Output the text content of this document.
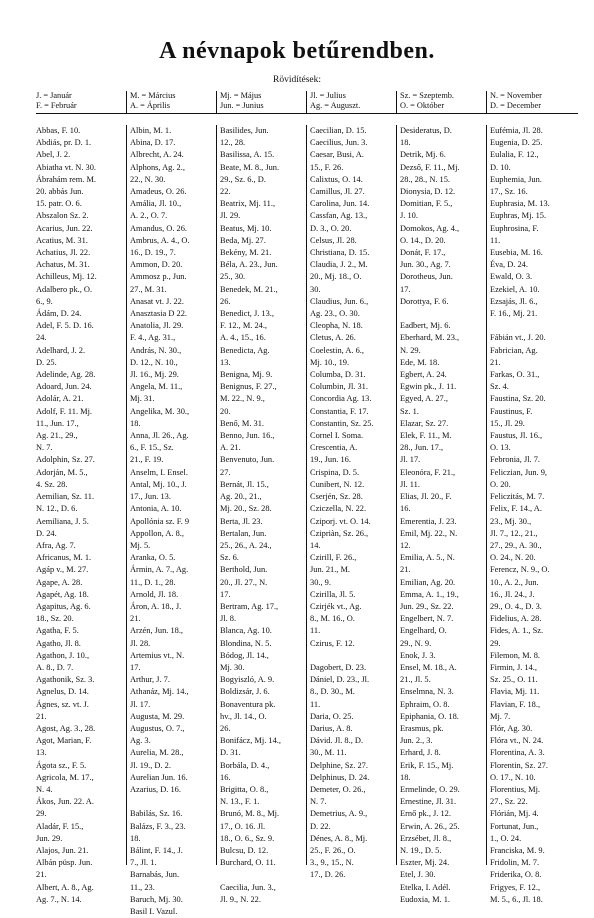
A névnapok betűrendben.
Rövidítések:
J. = Január
F. = Február
M. = Március
A. = Április
Mj. = Május
Jun. = Junius
Jl. = Julius
Ag. = Auguszt.
Sz. = Szeptemb.
O. = Október
N. = November
D. = December
Abbas, F. 10.
Abdiás, pr. D. 1.
Abel, J. 2.
Abiatha vt. N. 30.
Ábrahám rem. M.
20. abbás Jun.
15. patr. O. 6.
Abszalon Sz. 2.
Acarius, Jun. 22.
Acatius, M. 31.
Achatius, Jl. 22.
Achatus, M. 31.
Achilleus, Mj. 12.
Adalbero pk., O.
6., 9.
Ádám, D. 24.
Adel, F. 5. D. 16.
24.
Adelhard, J. 2.
D. 25.
Adelinde, Ag. 28.
Adoard, Jun. 24.
Adolár, A. 21.
Adolf, F. 11. Mj.
11., Jun. 17.,
Ag. 21., 29.,
N. 7.
Adolphin, Sz. 27.
Adorján, M. 5.,
4. Sz. 28.
Aemilian, Sz. 11.
N. 12., D. 6.
Aemiliana, J. 5.
D. 24.
Afra, Ag. 7.
Africanus, M. 1.
Agáp v., M. 27.
Agape, A. 28.
Agapét, Ag. 18.
Agapitus, Ag. 6.
18., Sz. 20.
Agatha, F. 5.
Agatho, Jl. 8.
Agathon, J. 10.,
A. 8., D. 7.
Agathonik, Sz. 3.
Agnelus, D. 14.
Ágnes, sz. vt. J.
21.
Agost, Ag. 3., 28.
Agot, Marian, F.
13.
Ágota sz., F. 5.
Agricola, M. 17.,
N. 4.
Ákos, Jun. 22. A.
29.
Aladár, F. 15.,
Jun. 29.
Alajos, Jun. 21.
Albán püsp. Jun.
21.
Albert, A. 8., Ag.
Ag. 7., N. 14.
Albin, M. 1.
Abina, D. 17.
Albrecht, A. 24.
Alphons, Ag. 2.,
22., N. 30.
Amadeus, O. 26.
Amália, Jl. 10.,
A. 2., O. 7.
Amandus, O. 26.
Ambrus, A. 4., O.
16., D. 19., 7.
Ammon, D. 20.
Ammosz p., Jun.
27., M. 31.
Anasat vt. J. 22.
Anasztasia D 22.
Anatolia, Jl. 29.
F. 4., Ag. 31.,
András, N. 30.,
D. 12., N. 10.,
Jl. 16., Mj. 29.
Angela, M. 11.,
Mj. 31.
Angelika, M. 30.,
18.
Anna, Jl. 26., Ag.
6., F. 15., Sz.
21., F. 19.
Anselm, I. Ensel.
Antal, Mj. 10., J.
17., Jun. 13.
Antonia, A. 10.
Apollónia sz. F. 9
Appollon, A. 8.,
Mj. 5.
Aranka, O. 5.
Ármin, A. 7., Ag.
11., D. 1., 28.
Arnold, Jl. 18.
Áron, A. 18., J.
21.
Arzén, Jun. 18.,
Jl. 28.
Artemius vt., N.
17.
Arthur, J. 7.
Athanáz, Mj. 14.,
Jl. 17.
Augusta, M. 29.
Augustus, O. 7.,
Ag. 3.
Aurelia, M. 28.,
Jl. 19., D. 2.
Aurelian Jun. 16.
Azarius, D. 16.

Babilás, Sz. 16.
Balázs, F. 3., 23.
18.
Bálint, F. 14., J.
7., Jl. 1.
Barnabás, Jun.
11., 23.
Baruch, Mj. 30.
Basil I. Vazul.
Basilides, Jun.
12., 28.
Basilissa, A. 15.
Beate, M. 8., Jun.
29., Sz. 6., D.
22.
Beatrix, Mj. 11.,
Jl. 29.
Beatus, Mj. 10.
Beda, Mj. 27.
Bekény, M. 21.
Béla, A. 23., Jun.
25., 30.
Benedek, M. 21.,
26.
Benedict, J. 13.,
F. 12., M. 24.,
A. 4., 15., 16.
Benedicta, Ag.
13.
Benigna, Mj. 9.
Benignus, F. 27.,
M. 22., N. 9.,
20.
Benő, M. 31.
Benno, Jun. 16.,
A. 21.
Benvenuto, Jun.
27.
Bernát, Jl. 15.,
Ag. 20., 21.,
Mj. 20., Sz. 28.
Berta, Jl. 23.
Bertalan, Jun.
25., 26., A. 24.,
Sz. 6.
Berthold, Jun.
20., Jl. 27., N.
17.
Bertram, Ag. 17.,
Jl. 8.
Blanca, Ag. 10.
Blondina, N. 5.
Bódog, Jl. 14.,
Mj. 30.
Bogyiszló, A. 9.
Boldizsár, J. 6.
Bonaventura pk.
hv., Jl. 14., O.
26.
Bonifácz, Mj. 14.,
D. 31.
Borbála, D. 4.,
16.
Brigitta, O. 8.,
N. 13., F. 1.
Brunó, M. 8., Mj.
17., O. 16. Jl.
18., O. 6., Sz. 9.
Bulcsu, D. 12.
Burchard, O. 11.

Caecilia, Jun. 3.,
Jl. 9., N. 22.
Caecilian, D. 15.
Caecilius, Jun. 3.
Caesar, Busi, A.
15., F. 26.
Calixtus, O. 14.
Camillus, Jl. 27.
Carolina, Jun. 14.
Cassfan, Ag. 13.,
D. 3., O. 20.
Celsus, Jl. 28.
Christiana, D. 15.
Claudia, J. 2., M.
20., Mj. 18., O.
30.
Claudius, Jun. 6.,
Ag. 23., O. 30.
Cleopha, N. 18.
Cletus, A. 26.
Coelestin, A. 6.,
Mj. 10., 19.
Columba, D. 31.
Columbin, Jl. 31.
Concordia Ag. 13.
Constantia, F. 17.
Constantin, Sz. 25.
Cornel I. Soma.
Crescentia, A.
19., Jun. 16.
Crispina, D. 5.
Cunibert, N. 12.
Cserjén, Sz. 28.
Cziczella, N. 22.
Cziporj. vt. O. 14.
Czipriàn, Sz. 26.,
14.
Czirill, F. 26.,
Jun. 21., M.
30., 9.
Czirilla, Jl. 5.
Czirjék vt., Ag.
8., M. 16., O.
11.
Czirus, F. 12.

Dagobert, D. 23.
Dániel, D. 23., Jl.
8., D. 30., M.
11.
Daria, O. 25.
Darius, A. 8.
Dávid. Jl. 8., D.
30., M. 11.
Delphine, Sz. 27.
Delphinus, D. 24.
Demeter, O. 26.,
N. 7.
Demetrius, A. 9.,
D. 22.
Dénes, A. 8., Mj.
25., F. 26., O.
3., 9., 15., N.
17., D. 26.
Desideratus, D.
18.
Detrik, Mj. 6.
Dezső, F. 11., Mj.
28., 28., N. 15.
Dionysia, D. 12.
Domitian, F. 5.,
J. 10.
Domokos, Ag. 4.,
O. 14., D. 20.
Donát, F. 17.,
Jun. 30., Ag. 7.
Dorotheus, Jun.
17.
Dorottya, F. 6.

Eadbert, Mj. 6.
Eberhard, M. 23.,
N. 29.
Ede, M. 18.
Egbert, A. 24.
Egwin pk., J. 11.
Egyed, A. 27.,
Sz. 1.
Elazar, Sz. 27.
Elek, F. 11., M.
28., Jun. 17.,
Jl. 17.
Eleonóra, F. 21.,
Jl. 11.
Elias, Jl. 20., F.
16.
Emerentia, J. 23.
Emil, Mj. 22., N.
12.
Emilia, A. 5., N.
21.
Emilian, Ag. 20.
Emma, A. 1., 19.,
Jun. 29., Sz. 22.
Engelbert, N. 7.
Engelhard, O.
29., N. 9.
Enok, J. 3.
Ensel, M. 18., A.
21., Jl. 5.
Enselmna, N. 3.
Ephraim, O. 8.
Epiphania, O. 18.
Erasmus, pk.
Jun. 2., 3.
Erhard, J. 8.
Erik, F. 15., Mj.
18.
Ermelinde, O. 29.
Ernestine, Jl. 31.
Ernő pk., J. 12.
Erwin, A. 26., 25.
Erzsébet, Jl. 8.,
N. 19., D. 5.
Eszter, Mj. 24.
Etel, J. 30.
Etelka, I. Adél.
Eudoxia, M. 1.
Eufémia, Jl. 28.
Eugenia, D. 25.
Eulalia, F. 12.,
D. 10.
Euphemia, Jun.
17., Sz. 16.
Euphrasia, M. 13.
Euphras, Mj. 15.
Euphrosina, F.
11.
Eusebia, M. 16.
Éva, D. 24.
Ewald, O. 3.
Ezekiel, A. 10.
Ezsajás, Jl. 6.,
F. 16., Mj. 21.

Fábián vt., J. 20.
Fabrician, Ag.
21.
Farkas, O. 31.,
Sz. 4.
Faustina, Sz. 20.
Faustinus, F.
15., Jl. 29.
Faustus, Jl. 16.,
O. 13.
Febronia, Jl. 7.
Feliczian, Jun. 9,
O. 20.
Feliczitás, M. 7.
Felix, F. 14., A.
23., Mj. 30.,
Jl. 7., 12., 21.,
27., 29., A. 30.,
O. 24., N. 20.
Ferencz, N. 9., O.
10., A. 2., Jun.
16., Jl. 24., J.
29., O. 4., D. 3.
Fidelius, A. 28.
Fides, A. 1., Sz.
29.
Filemon, M. 8.
Firmin, J. 14.,
Sz. 25., O. 11.
Flavia, Mj. 11.
Flavian, F. 18.,
Mj. 7.
Flór, Ag. 30.
Flóra vt., N. 24.
Florentina, A. 3.
Florentin, Sz. 27.
O. 17., N. 10.
Florentius, Mj.
27., Sz. 22.
Flórián, Mj. 4.
Fortunat, Jun.,
1., O. 24.
Franciska, M. 9.
Fridolin, M. 7.
Friderika, O. 8.
Frigyes, F. 12.,
M. 5., 6., Jl. 18.
